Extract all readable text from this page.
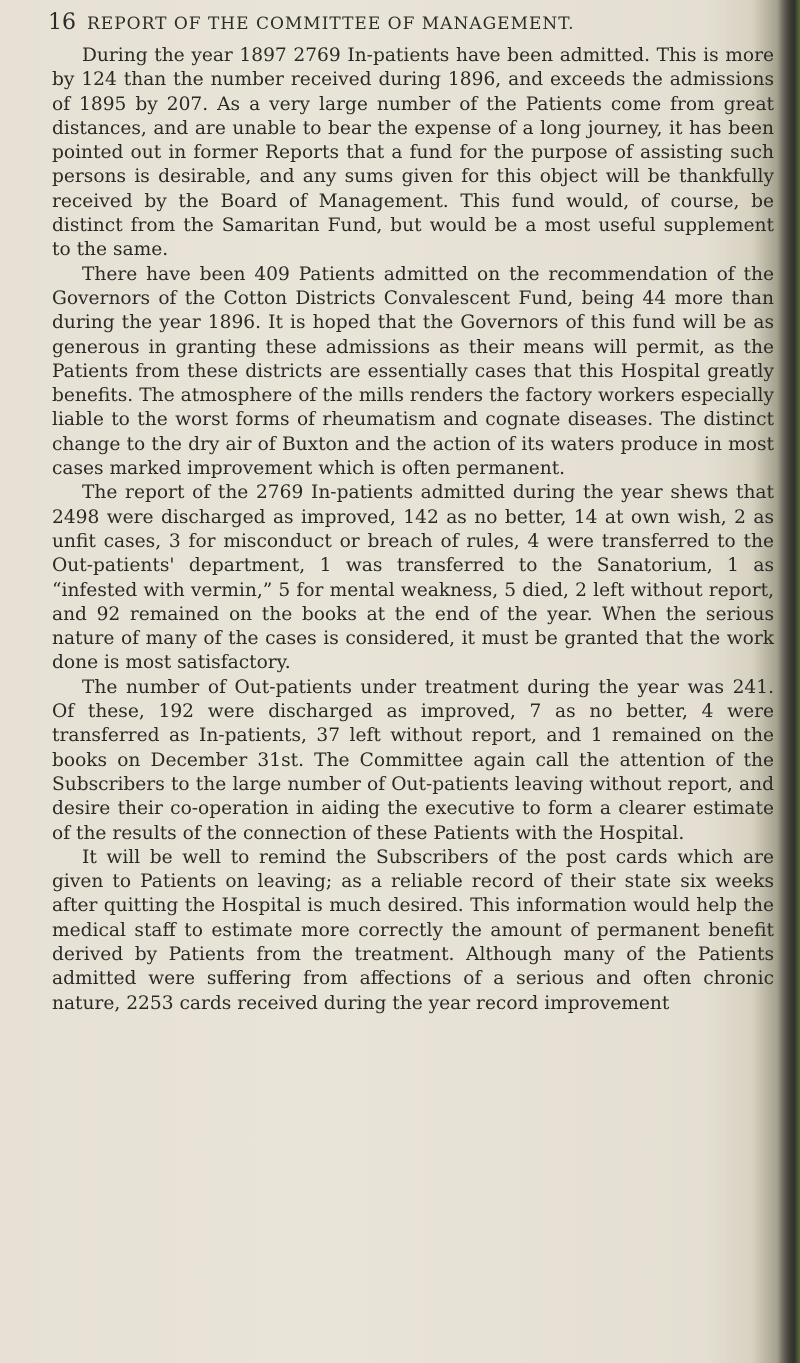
16 REPORT OF THE COMMITTEE OF MANAGEMENT.

During the year 1897 2769 In-patients have been admitted. This is more by 124 than the number received during 1896, and exceeds the admissions of 1895 by 207. As a very large number of the Patients come from great distances, and are unable to bear the expense of a long journey, it has been pointed out in former Reports that a fund for the purpose of assisting such persons is desirable, and any sums given for this object will be thankfully received by the Board of Management. This fund would, of course, be distinct from the Samaritan Fund, but would be a most useful supplement to the same.

There have been 409 Patients admitted on the recommendation of the Governors of the Cotton Districts Convalescent Fund, being 44 more than during the year 1896. It is hoped that the Governors of this fund will be as generous in granting these admissions as their means will permit, as the Patients from these districts are essentially cases that this Hospital greatly benefits. The atmosphere of the mills renders the factory workers especially liable to the worst forms of rheumatism and cognate diseases. The distinct change to the dry air of Buxton and the action of its waters produce in most cases marked improvement which is often permanent.

The report of the 2769 In-patients admitted during the year shews that 2498 were discharged as improved, 142 as no better, 14 at own wish, 2 as unfit cases, 3 for misconduct or breach of rules, 4 were transferred to the Out-patients' department, 1 was transferred to the Sanatorium, 1 as “infested with vermin,” 5 for mental weakness, 5 died, 2 left without report, and 92 remained on the books at the end of the year. When the serious nature of many of the cases is considered, it must be granted that the work done is most satisfactory.

The number of Out-patients under treatment during the year was 241. Of these, 192 were discharged as improved, 7 as no better, 4 were transferred as In-patients, 37 left without report, and 1 remained on the books on December 31st. The Committee again call the attention of the Subscribers to the large number of Out-patients leaving without report, and desire their co-operation in aiding the executive to form a clearer estimate of the results of the connection of these Patients with the Hospital.

It will be well to remind the Subscribers of the post cards which are given to Patients on leaving; as a reliable record of their state six weeks after quitting the Hospital is much desired. This information would help the medical staff to estimate more correctly the amount of permanent benefit derived by Patients from the treatment. Although many of the Patients admitted were suffering from affections of a serious and often chronic nature, 2253 cards received during the year record improvement
